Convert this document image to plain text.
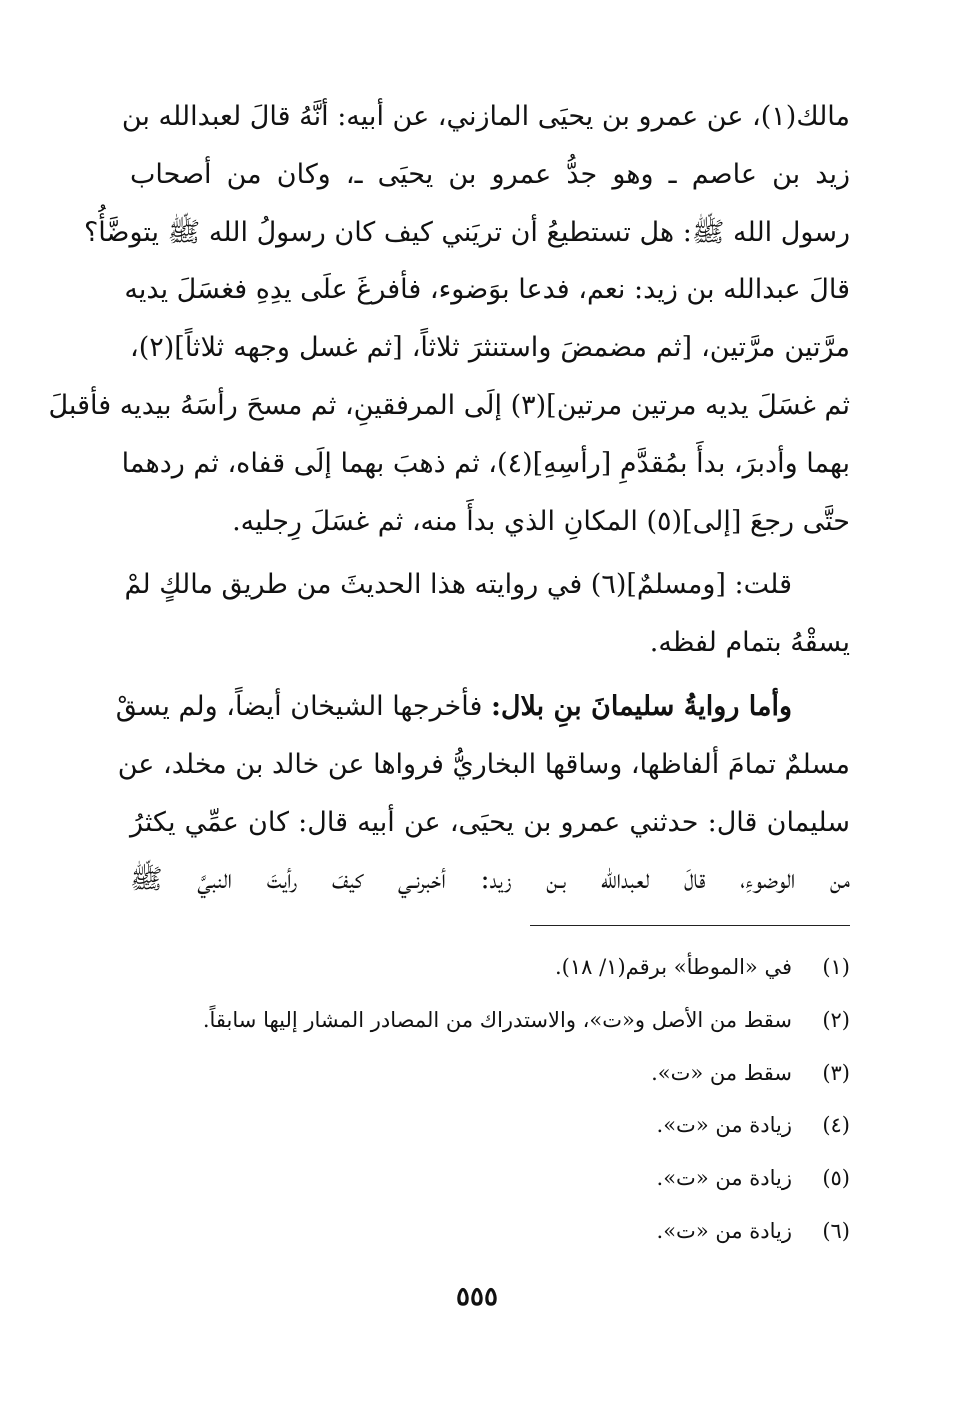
مالك(١)، عن عمرو بن يحيَى المازني، عن أبيه: أنَّهُ قالَ لعبدالله بن
زيد بن عاصم ـ وهو جدُّ عمرو بن يحيَى ـ، وكان من أصحاب
رسول الله ﷺ: هل تستطيعُ أن تريَني كيف كان رسولُ الله ﷺ يتوضَّأُ؟
قالَ عبدالله بن زيد: نعم، فدعا بوَضوء، فأفرغَ علَى يدِهِ فغسَلَ يديه
مرَّتين مرَّتين، [ثم مضمضَ واستنثرَ ثلاثاً، [ثم غسل وجهه ثلاثاً](٢)،
ثم غسَلَ يديه مرتين مرتين](٣) إلَى المرفقينِ، ثم مسحَ رأسَهُ بيديه فأقبلَ
بهما وأدبرَ، بدأَ بمُقدَّمِ [رأسِهِ](٤)، ثم ذهبَ بهما إلَى قفاه، ثم ردهما
حتَّى رجعَ [إلى](٥) المكانِ الذي بدأَ منه، ثم غسَلَ رِجليه.
قلت: [ومسلمٌ](٦) في روايته هذا الحديثَ من طريق مالكٍ لمْ
يسقْهُ بتمام لفظه.
وأما روايةُ سليمانَ بنِ بلال: فأخرجها الشيخان أيضاً، ولم يسقْ
مسلمٌ تمامَ ألفاظها، وساقها البخاريُّ فرواها عن خالد بن مخلد، عن
سليمان قال: حدثني عمرو بن يحيَى، عن أبيه قال: كان عمِّي يكثرُ
من الوضوءِ، قالَ لعبدالله بـن زيد: أخبرنـي كيفَ رأيتَ النبيَّ ﷺ
(١)
في «الموطأ» برقم(١/ ١٨).
(٢)
سقط من الأصل و«ت»، والاستدراك من المصادر المشار إليها سابقاً.
(٣)
سقط من «ت».
(٤)
زيادة من «ت».
(٥)
زيادة من «ت».
(٦)
زيادة من «ت».
٥٥٥
